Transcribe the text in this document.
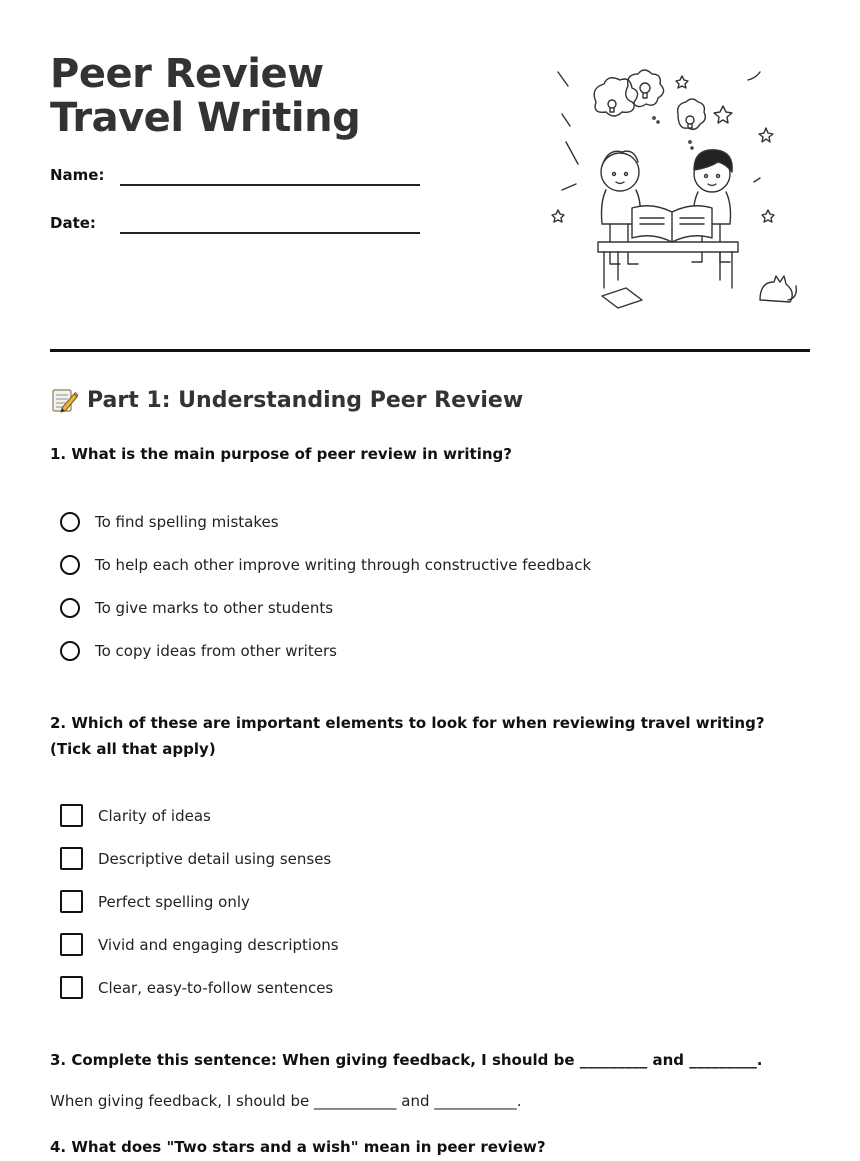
Peer Review Travel Writing
Name:
Date:
Part 1: Understanding Peer Review

1. What is the main purpose of peer review in writing?

To find spelling mistakes
To help each other improve writing through constructive feedback
To give marks to other students
To copy ideas from other writers

2. Which of these are important elements to look for when reviewing travel writing? (Tick all that apply)

Clarity of ideas
Descriptive detail using senses
Perfect spelling only
Vivid and engaging descriptions
Clear, easy-to-follow sentences

3. Complete this sentence: When giving feedback, I should be _________ and _________.

When giving feedback, I should be ___________ and ___________.

4. What does "Two stars and a wish" mean in peer review?
